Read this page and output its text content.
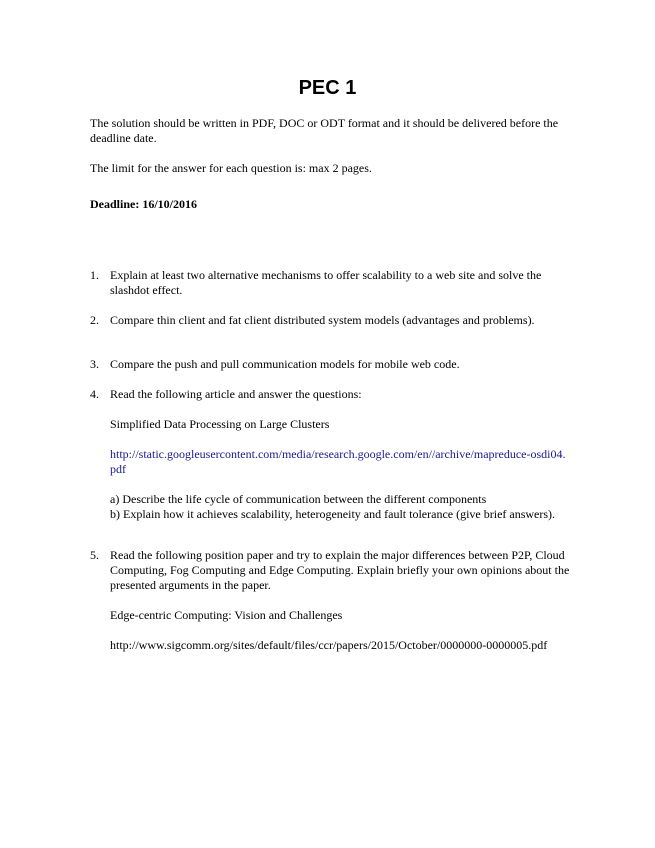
PEC 1
The solution should be written in PDF, DOC or ODT format and it should be delivered before the deadline date.
The limit for the answer for each question is: max 2 pages.
Deadline: 16/10/2016
1. Explain at least two alternative mechanisms to offer scalability to a web site and solve the slashdot effect.
2. Compare thin client and fat client distributed system models (advantages and problems).
3. Compare the push and pull communication models for mobile web code.
4. Read the following article and answer the questions:
Simplified Data Processing on Large Clusters
http://static.googleusercontent.com/media/research.google.com/en//archive/mapreduce-osdi04.pdf
a) Describe the life cycle of communication between the different components
b) Explain how it achieves scalability, heterogeneity and fault tolerance (give brief answers).
5. Read the following position paper and try to explain the major differences between P2P, Cloud Computing, Fog Computing and Edge Computing. Explain briefly your own opinions about the presented arguments in the paper.
Edge-centric Computing: Vision and Challenges
http://www.sigcomm.org/sites/default/files/ccr/papers/2015/October/0000000-0000005.pdf
